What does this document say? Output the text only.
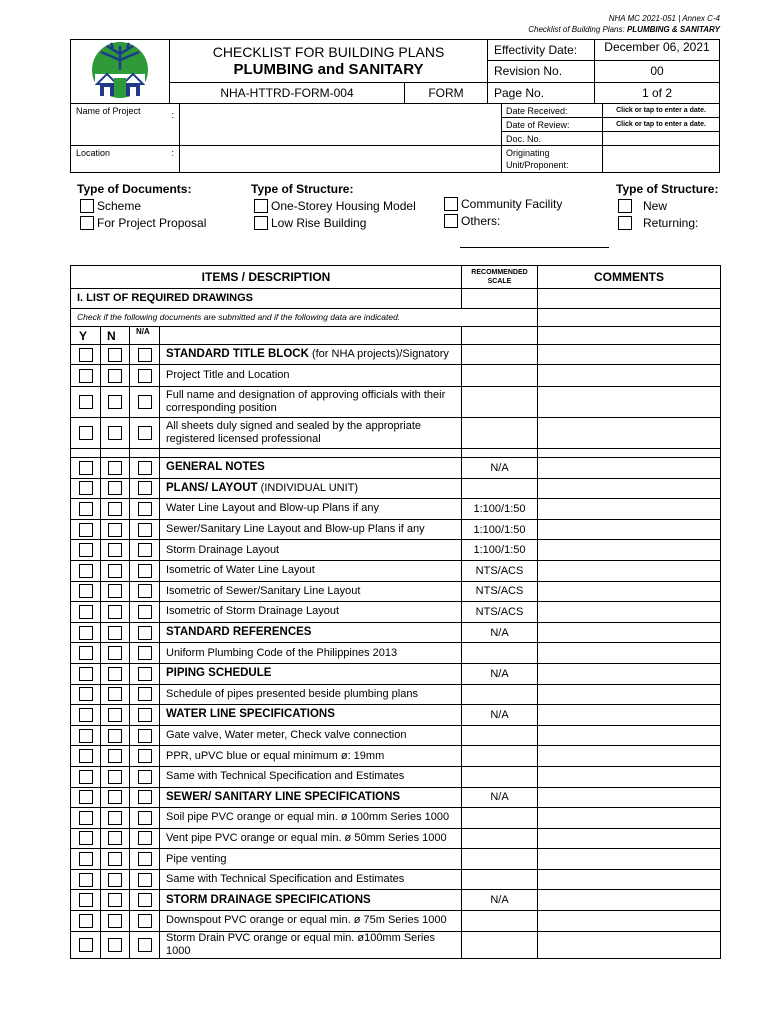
NHA MC 2021-051 | Annex C-4
Checklist of Building Plans: PLUMBING & SANITARY

CHECKLIST FOR BUILDING PLANS
PLUMBING and SANITARY		Effectivity Date:	December 06, 2021
			Revision No.	00
	NHA-HTTRD-FORM-004	FORM	Page No.	1 of 2
Name of Project :		Date Received:	Click or tap to enter a date.
		Date of Review:	Click or tap to enter a date.
		Doc. No.	
Location :		Originating Unit/Proponent:	
Type of Documents:
Scheme
For Project Proposal
Type of Structure:
One-Storey Housing Model
Low Rise Building
Community Facility
Others:
Type of Structure:
New
Returning:
ITEMS / DESCRIPTION				RECOMMENDED SCALE	COMMENTS
I. LIST OF REQUIRED DRAWINGS					
Check if the following documents are submitted and if the following data are indicated.					
Y	N	N/A			
			STANDARD TITLE BLOCK (for NHA projects)/Signatory		
			Project Title and Location		
			Full name and designation of approving officials with their corresponding position		
			All sheets duly signed and sealed by the appropriate registered licensed professional		

			GENERAL NOTES	N/A	
			PLANS/ LAYOUT (INDIVIDUAL UNIT)		
			Water Line Layout and Blow-up Plans if any	1:100/1:50	
			Sewer/Sanitary Line Layout and Blow-up Plans if any	1:100/1:50	
			Storm Drainage Layout	1:100/1:50	
			Isometric of Water Line Layout	NTS/ACS	
			Isometric of Sewer/Sanitary Line Layout	NTS/ACS	
			Isometric of Storm Drainage Layout	NTS/ACS	
			STANDARD REFERENCES	N/A	
			Uniform Plumbing Code of the Philippines 2013		
			PIPING SCHEDULE	N/A	
			Schedule of pipes presented beside plumbing plans		
			WATER LINE SPECIFICATIONS	N/A	
			Gate valve, Water meter, Check valve connection		
			PPR, uPVC blue or equal minimum ø: 19mm		
			Same with Technical Specification and Estimates		
			SEWER/ SANITARY LINE SPECIFICATIONS	N/A	
			Soil pipe PVC orange or equal min. ø 100mm Series 1000		
			Vent pipe PVC orange or equal min. ø 50mm Series 1000		
			Pipe venting		
			Same with Technical Specification and Estimates		
			STORM DRAINAGE SPECIFICATIONS	N/A	
			Downspout PVC orange or equal min. ø 75m Series 1000		
			Storm Drain PVC orange or equal min. ø100mm Series 1000		
